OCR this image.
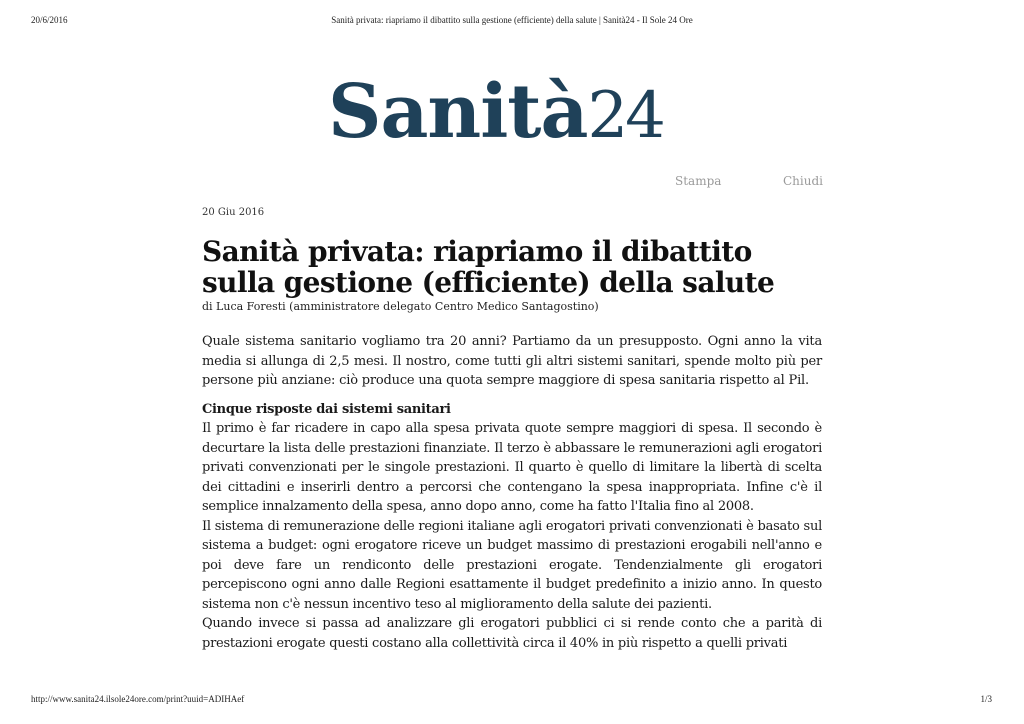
20/6/2016	Sanità privata: riapriamo il dibattito sulla gestione (efficiente) della salute | Sanità24 - Il Sole 24 Ore
Sanità24
Stampa	Chiudi
20 Giu 2016
Sanità privata: riapriamo il dibattito sulla gestione (efficiente) della salute
di Luca Foresti (amministratore delegato Centro Medico Santagostino)
Quale sistema sanitario vogliamo tra 20 anni? Partiamo da un presupposto. Ogni anno la vita media si allunga di 2,5 mesi. Il nostro, come tutti gli altri sistemi sanitari, spende molto più per persone più anziane: ciò produce una quota sempre maggiore di spesa sanitaria rispetto al Pil.
Cinque risposte dai sistemi sanitari
Il primo è far ricadere in capo alla spesa privata quote sempre maggiori di spesa. Il secondo è decurtare la lista delle prestazioni finanziate. Il terzo è abbassare le remunerazioni agli erogatori privati convenzionati per le singole prestazioni. Il quarto è quello di limitare la libertà di scelta dei cittadini e inserirli dentro a percorsi che contengano la spesa inappropriata. Infine c'è il semplice innalzamento della spesa, anno dopo anno, come ha fatto l'Italia fino al 2008.
Il sistema di remunerazione delle regioni italiane agli erogatori privati convenzionati è basato sul sistema a budget: ogni erogatore riceve un budget massimo di prestazioni erogabili nell'anno e poi deve fare un rendiconto delle prestazioni erogate. Tendenzialmente gli erogatori percepiscono ogni anno dalle Regioni esattamente il budget predefinito a inizio anno. In questo sistema non c'è nessun incentivo teso al miglioramento della salute dei pazienti.
Quando invece si passa ad analizzare gli erogatori pubblici ci si rende conto che a parità di prestazioni erogate questi costano alla collettività circa il 40% in più rispetto a quelli privati
http://www.sanita24.ilsole24ore.com/print?uuid=ADIHAef	1/3
